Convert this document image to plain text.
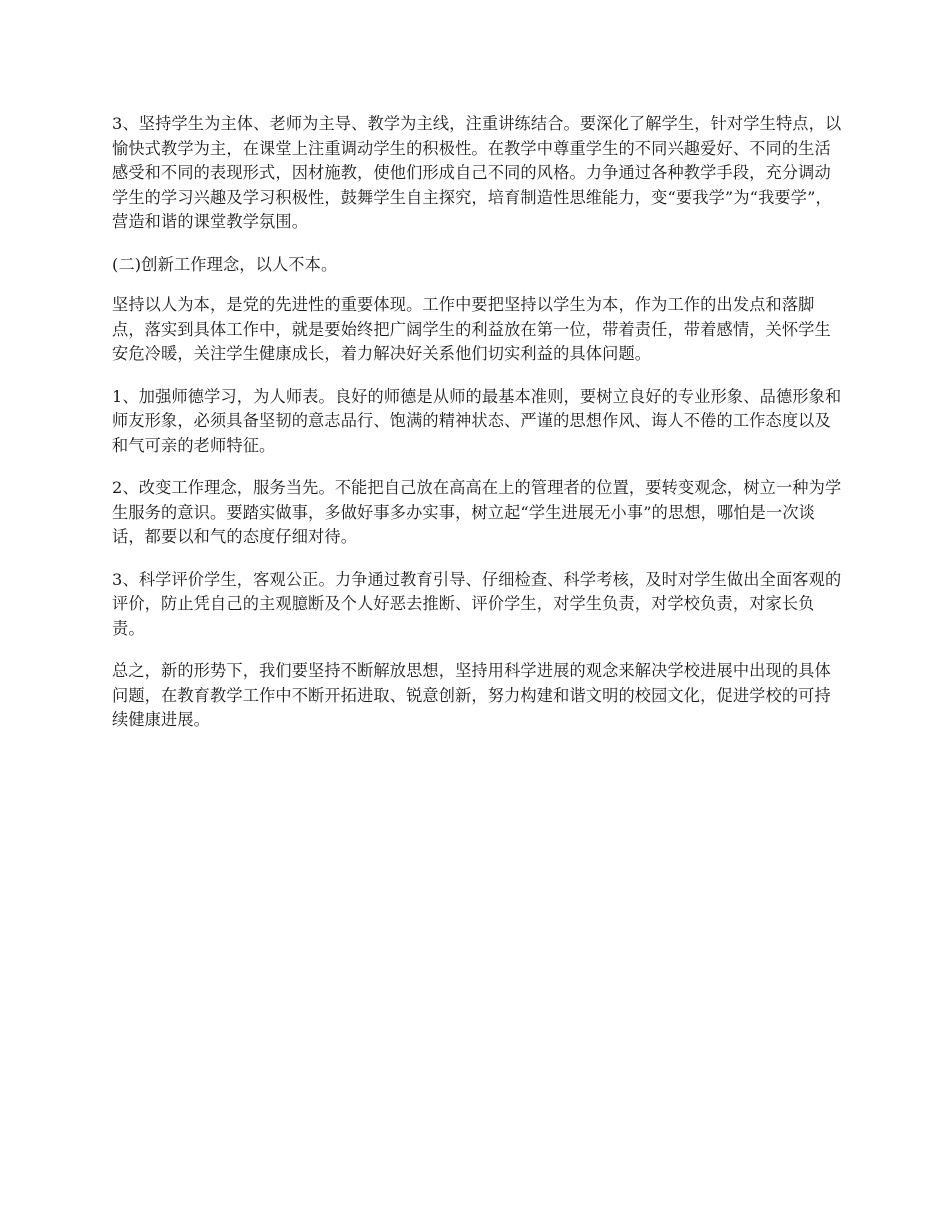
3、坚持学生为主体、老师为主导、教学为主线，注重讲练结合。要深化了解学生，针对学生特点，以愉快式教学为主，在课堂上注重调动学生的积极性。在教学中尊重学生的不同兴趣爱好、不同的生活感受和不同的表现形式，因材施教，使他们形成自己不同的风格。力争通过各种教学手段，充分调动学生的学习兴趣及学习积极性，鼓舞学生自主探究，培育制造性思维能力，变“要我学”为“我要学”，营造和谐的课堂教学氛围。

(二)创新工作理念，以人不本。

坚持以人为本，是党的先进性的重要体现。工作中要把坚持以学生为本，作为工作的出发点和落脚点，落实到具体工作中，就是要始终把广阔学生的利益放在第一位，带着责任，带着感情，关怀学生安危冷暖，关注学生健康成长，着力解决好关系他们切实利益的具体问题。

1、加强师德学习，为人师表。良好的师德是从师的最基本准则，要树立良好的专业形象、品德形象和师友形象，必须具备坚韧的意志品行、饱满的精神状态、严谨的思想作风、诲人不倦的工作态度以及和气可亲的老师特征。

2、改变工作理念，服务当先。不能把自己放在高高在上的管理者的位置，要转变观念，树立一种为学生服务的意识。要踏实做事，多做好事多办实事，树立起“学生进展无小事”的思想，哪怕是一次谈话，都要以和气的态度仔细对待。

3、科学评价学生，客观公正。力争通过教育引导、仔细检查、科学考核，及时对学生做出全面客观的评价，防止凭自己的主观臆断及个人好恶去推断、评价学生，对学生负责，对学校负责，对家长负责。

总之，新的形势下，我们要坚持不断解放思想，坚持用科学进展的观念来解决学校进展中出现的具体问题，在教育教学工作中不断开拓进取、锐意创新，努力构建和谐文明的校园文化，促进学校的可持续健康进展。
